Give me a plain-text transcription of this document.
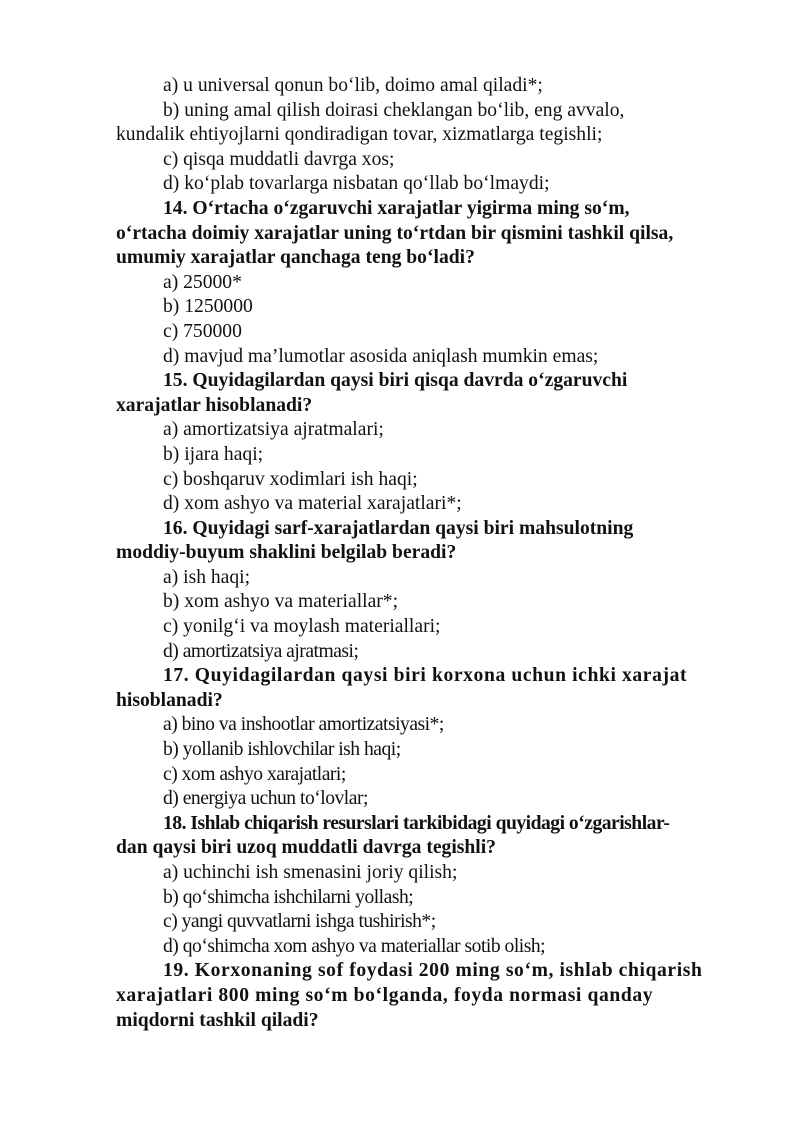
a) u universal qonun bo‘lib, doimo amal qiladi*;
b) uning amal qilish doirasi cheklangan bo‘lib, eng avvalo,
kundalik ehtiyojlarni qondiradigan tovar, xizmatlarga tegishli;
c) qisqa muddatli davrga xos;
d) ko‘plab tovarlarga nisbatan qo‘llab bo‘lmaydi;
14. O‘rtacha o‘zgaruvchi xarajatlar yigirma ming so‘m,
o‘rtacha doimiy xarajatlar uning to‘rtdan bir qismini tashkil qilsa,
umumiy xarajatlar qanchaga teng bo‘ladi?
a) 25000*
b) 1250000
c) 750000
d) mavjud ma’lumotlar asosida aniqlash mumkin emas;
15. Quyidagilardan qaysi biri qisqa davrda o‘zgaruvchi
xarajatlar hisoblanadi?
a) amortizatsiya ajratmalari;
b) ijara haqi;
c) boshqaruv xodimlari ish haqi;
d) xom ashyo va material xarajatlari*;
16. Quyidagi sarf-xarajatlardan qaysi biri mahsulotning
moddiy-buyum shaklini belgilab beradi?
a) ish haqi;
b) xom ashyo va materiallar*;
c) yonilg‘i va moylash materiallari;
d) amortizatsiya ajratmasi;
17. Quyidagilardan qaysi biri korxona uchun ichki xarajat
hisoblanadi?
a) bino va inshootlar amortizatsiyasi*;
b) yollanib ishlovchilar ish haqi;
c) xom ashyo xarajatlari;
d) energiya uchun to‘lovlar;
18. Ishlab chiqarish resurslari tarkibidagi quyidagi o‘zgarishlar-
dan qaysi biri uzoq muddatli davrga tegishli?
a) uchinchi ish smenasini joriy qilish;
b) qo‘shimcha ishchilarni yollash;
c) yangi quvvatlarni ishga tushirish*;
d) qo‘shimcha xom ashyo va materiallar sotib olish;
19. Korxonaning sof foydasi 200 ming so‘m, ishlab chiqarish
xarajatlari 800 ming so‘m bo‘lganda, foyda normasi qanday
miqdorni tashkil qiladi?
